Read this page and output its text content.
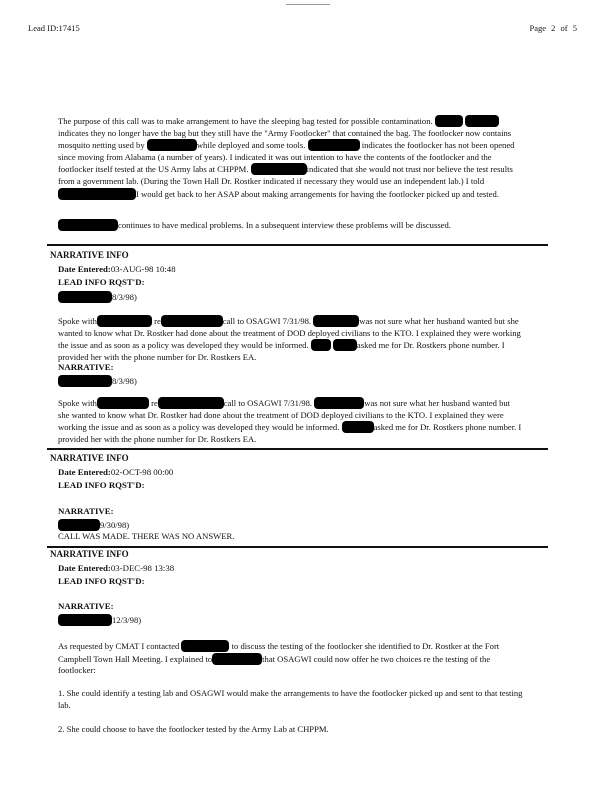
Lead ID:17415	Page 2 of 5

The purpose of this call was to make arrangement to have the sleeping bag tested for possible contamination.  indicates they no longer have the bag but they still have the "Army Footlocker" that contained the bag. The footlocker now contains mosquito netting used by	while deployed and some tools.	indicates the footlocker has not been opened since moving from Alabama (a number of years). I indicated it was out intention to have the contents of the footlocker and the footlocker itself tested at the US Army labs at CHPPM.	indicated that she would not trust nor believe the test results from a government lab. (During the Town Hall Dr. Rostker indicated if necessary they would use an independent lab.) I told I would get back to her ASAP about making arrangements for having the footlocker picked up and tested.

continues to have medical problems. In a subsequent interview these problems will be discussed.

NARRATIVE INFO
Date Entered:03-AUG-98 10:48
LEAD INFO RQST'D:
8/3/98)

Spoke with	re	call to OSAGWI 7/31/98.	was not sure what her husband wanted but she wanted to know what Dr. Rostker had done about the treatment of DOD deployed civilians to the KTO. I explained they were working the issue and as soon as a policy was developed they would be informed.	asked me for Dr. Rostkers phone number. I provided her with the phone number for Dr. Rostkers EA.

NARRATIVE:
8/3/98)

Spoke with	re	call to OSAGWI 7/31/98.	was not sure what her husband wanted but she wanted to know what Dr. Rostker had done about the treatment of DOD deployed civilians to the KTO. I explained they were working the issue and as soon as a policy was developed they would be informed.	asked me for Dr. Rostkers phone number. I provided her with the phone number for Dr. Rostkers EA.

NARRATIVE INFO
Date Entered:02-OCT-98 00:00
LEAD INFO RQST'D:
NARRATIVE:
9/30/98)
CALL WAS MADE. THERE WAS NO ANSWER.
NARRATIVE INFO
Date Entered:03-DEC-98 13:38
LEAD INFO RQST'D:
NARRATIVE:
12/3/98)

As requested by CMAT I contacted	to discuss the testing of the footlocker she identified to Dr. Rostker at the Fort Campbell Town Hall Meeting. I explained to	that OSAGWI could now offer he two choices re the testing of the footlocker:

1. She could identify a testing lab and OSAGWI would make the arrangements to have the footlocker picked up and sent to that testing lab.

2. She could choose to have the footlocker tested by the Army Lab at CHPPM.
